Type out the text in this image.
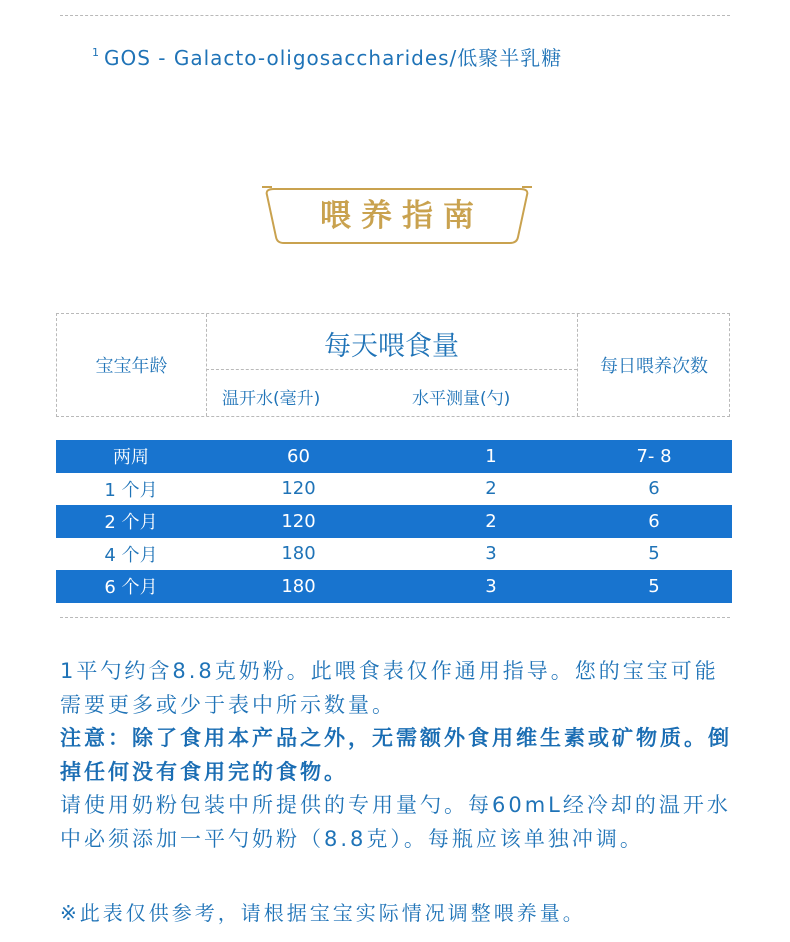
$^1$ GOS - Galacto-oligosaccharides/低聚半乳糖
喂养指南
宝宝年龄
每天喂食量
温开水(毫升)	水平测量(勺)
每日喂养次数
两周	60	1	7- 8
1 个月	120	2	6
2 个月	120	2	6
4 个月	180	3	5
6 个月	180	3	5

1平勺约含8.8克奶粉。此喂食表仅作通用指导。您的宝宝可能需要更多或少于表中所示数量。

注意：除了食用本产品之外，无需额外食用维生素或矿物质。倒掉任何没有食用完的食物。

请使用奶粉包装中所提供的专用量勺。每60mL经冷却的温开水中必须添加一平勺奶粉（8.8克）。每瓶应该单独冲调。

※此表仅供参考，请根据宝宝实际情况调整喂养量。
